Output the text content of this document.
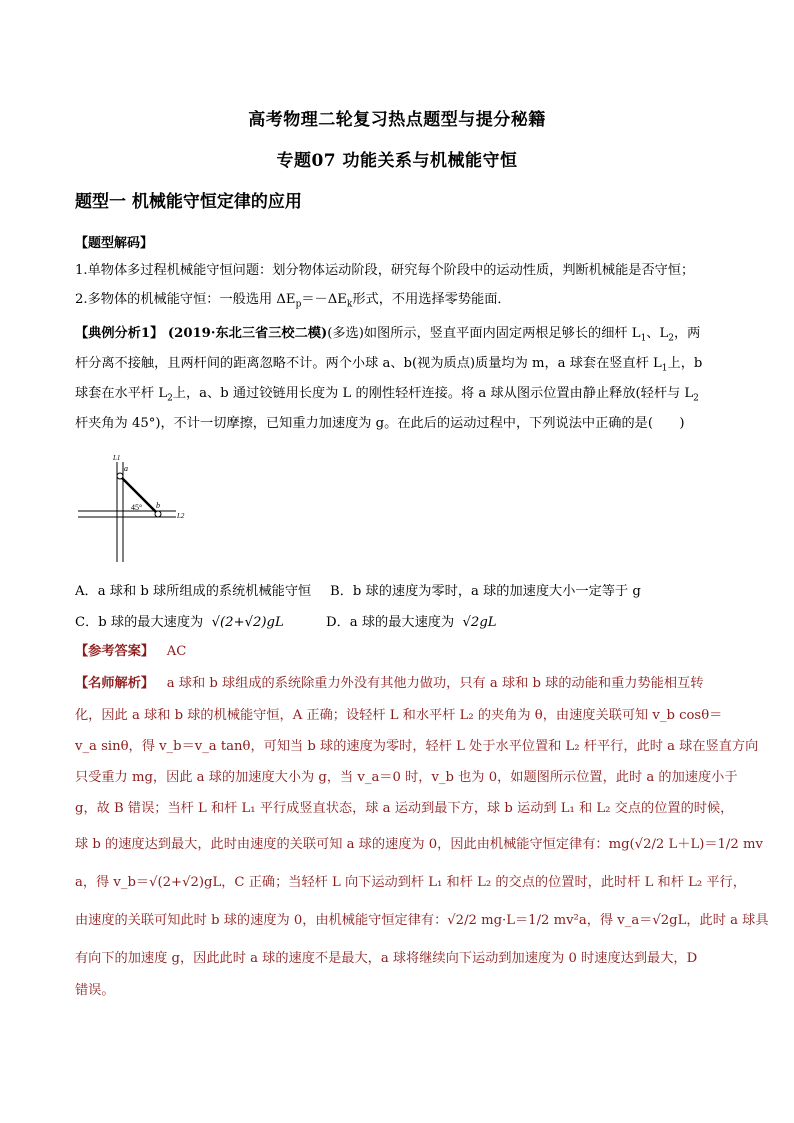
高考物理二轮复习热点题型与提分秘籍
专题07 功能关系与机械能守恒
题型一 机械能守恒定律的应用
【题型解码】
1.单物体多过程机械能守恒问题：划分物体运动阶段，研究每个阶段中的运动性质，判断机械能是否守恒；
2.多物体的机械能守恒：一般选用 $\Delta E_p=-\Delta E_k$形式，不用选择零势能面．
【典例分析1】 (2019·东北三省三校二模)(多选)如图所示，竖直平面内固定两根足够长的细杆 $L_1$、$L_2$，两
杆分离不接触，且两杆间的距离忽略不计。两个小球 a、b(视为质点)质量均为 m，a 球套在竖直杆 $L_1$上，b
球套在水平杆 $L_2$上，a、b 通过铰链用长度为 L 的刚性轻杆连接。将 a 球从图示位置由静止释放(轻杆与 $L_2$
杆夹角为 45°)，不计一切摩擦，已知重力加速度为 g。在此后的运动过程中，下列说法中正确的是(　　)
L1
a
45° b
L2
A．a 球和 b 球所组成的系统机械能守恒 B．b 球的速度为零时，a 球的加速度大小一定等于 g
C．b 球的最大速度为 √(2+√2)gL	D．a 球的最大速度为 √2gL
【参考答案】 AC
【名师解析】 a 球和 b 球组成的系统除重力外没有其他力做功，只有 a 球和 b 球的动能和重力势能相互转
化，因此 a 球和 b 球的机械能守恒，A 正确；设轻杆 L 和水平杆 L₂ 的夹角为 θ，由速度关联可知 v_b cosθ＝
v_a sinθ，得 v_b＝v_a tanθ，可知当 b 球的速度为零时，轻杆 L 处于水平位置和 L₂ 杆平行，此时 a 球在竖直方向
只受重力 mg，因此 a 球的加速度大小为 g，当 v_a＝0 时，v_b 也为 0，如题图所示位置，此时 a 的加速度小于
g，故 B 错误；当杆 L 和杆 L₁ 平行成竖直状态，球 a 运动到最下方，球 b 运动到 L₁ 和 L₂ 交点的位置的时候，
球 b 的速度达到最大，此时由速度的关联可知 a 球的速度为 0，因此由机械能守恒定律有：mg(√2/2 L＋L)＝1/2 mv
a，得 v_b＝√(2+√2)gL，C 正确；当轻杆 L 向下运动到杆 L₁ 和杆 L₂ 的交点的位置时，此时杆 L 和杆 L₂ 平行，
由速度的关联可知此时 b 球的速度为 0，由机械能守恒定律有：√2/2 mg·L＝1/2 mv²a，得 v_a＝√2gL，此时 a 球具
有向下的加速度 g，因此此时 a 球的速度不是最大，a 球将继续向下运动到加速度为 0 时速度达到最大，D
错误。
